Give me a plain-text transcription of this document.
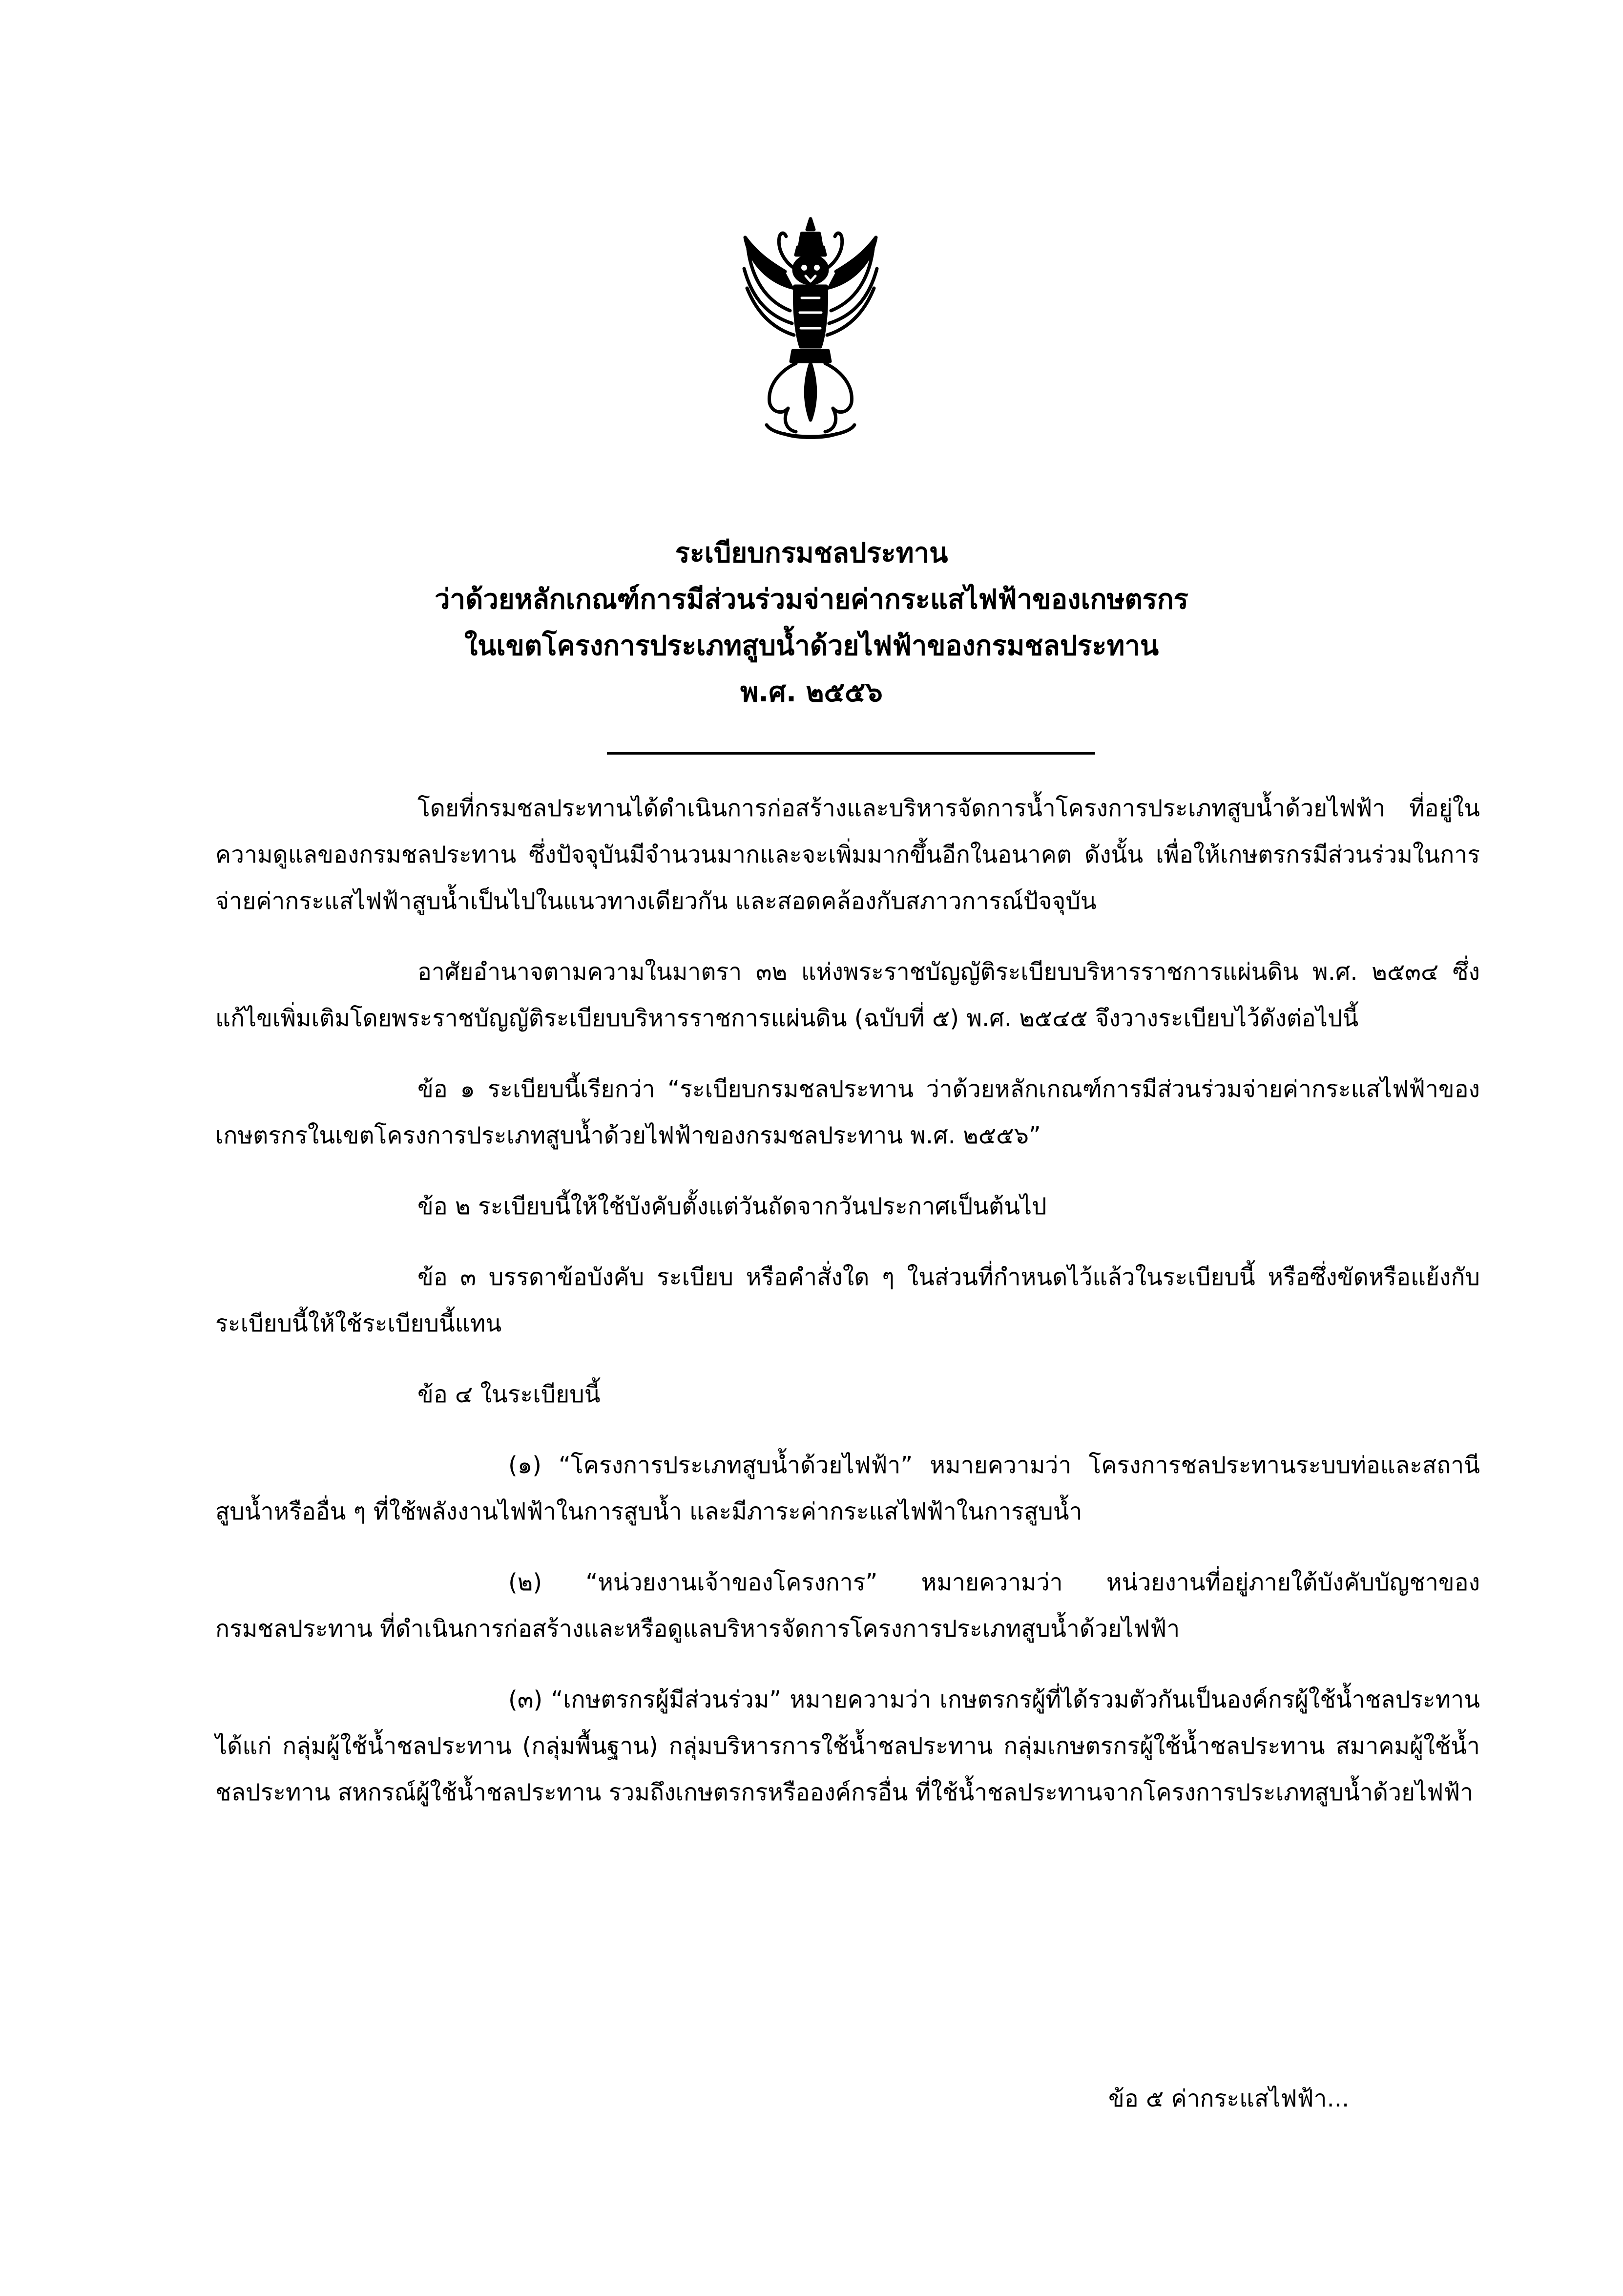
ระเบียบกรมชลประทาน
ว่าด้วยหลักเกณฑ์การมีส่วนร่วมจ่ายค่ากระแสไฟฟ้าของเกษตรกร
ในเขตโครงการประเภทสูบน้ำด้วยไฟฟ้าของกรมชลประทาน
พ.ศ. ๒๕๕๖

โดยที่กรมชลประทานได้ดำเนินการก่อสร้างและบริหารจัดการน้ำโครงการประเภทสูบน้ำด้วยไฟฟ้า ที่อยู่ในความดูแลของกรมชลประทาน ซึ่งปัจจุบันมีจำนวนมากและจะเพิ่มมากขึ้นอีกในอนาคต ดังนั้น เพื่อให้เกษตรกรมีส่วนร่วมในการจ่ายค่ากระแสไฟฟ้าสูบน้ำเป็นไปในแนวทางเดียวกัน และสอดคล้องกับสภาวการณ์ปัจจุบัน

อาศัยอำนาจตามความในมาตรา ๓๒ แห่งพระราชบัญญัติระเบียบบริหารราชการแผ่นดิน พ.ศ. ๒๕๓๔ ซึ่งแก้ไขเพิ่มเติมโดยพระราชบัญญัติระเบียบบริหารราชการแผ่นดิน (ฉบับที่ ๕) พ.ศ. ๒๕๔๕ จึงวางระเบียบไว้ดังต่อไปนี้

ข้อ ๑ ระเบียบนี้เรียกว่า “ระเบียบกรมชลประทาน ว่าด้วยหลักเกณฑ์การมีส่วนร่วมจ่ายค่ากระแสไฟฟ้าของเกษตรกรในเขตโครงการประเภทสูบน้ำด้วยไฟฟ้าของกรมชลประทาน พ.ศ. ๒๕๕๖”

ข้อ ๒ ระเบียบนี้ให้ใช้บังคับตั้งแต่วันถัดจากวันประกาศเป็นต้นไป

ข้อ ๓ บรรดาข้อบังคับ ระเบียบ หรือคำสั่งใด ๆ ในส่วนที่กำหนดไว้แล้วในระเบียบนี้ หรือซึ่งขัดหรือแย้งกับระเบียบนี้ให้ใช้ระเบียบนี้แทน

ข้อ ๔ ในระเบียบนี้

(๑) “โครงการประเภทสูบน้ำด้วยไฟฟ้า” หมายความว่า โครงการชลประทานระบบท่อและสถานีสูบน้ำหรืออื่น ๆ ที่ใช้พลังงานไฟฟ้าในการสูบน้ำ และมีภาระค่ากระแสไฟฟ้าในการสูบน้ำ

(๒) “หน่วยงานเจ้าของโครงการ” หมายความว่า หน่วยงานที่อยู่ภายใต้บังคับบัญชาของกรมชลประทาน ที่ดำเนินการก่อสร้างและหรือดูแลบริหารจัดการโครงการประเภทสูบน้ำด้วยไฟฟ้า

(๓) “เกษตรกรผู้มีส่วนร่วม” หมายความว่า เกษตรกรผู้ที่ได้รวมตัวกันเป็นองค์กรผู้ใช้น้ำชลประทาน ได้แก่ กลุ่มผู้ใช้น้ำชลประทาน (กลุ่มพื้นฐาน) กลุ่มบริหารการใช้น้ำชลประทาน กลุ่มเกษตรกรผู้ใช้น้ำชลประทาน สมาคมผู้ใช้น้ำชลประทาน สหกรณ์ผู้ใช้น้ำชลประทาน รวมถึงเกษตรกรหรือองค์กรอื่น ที่ใช้น้ำชลประทานจากโครงการประเภทสูบน้ำด้วยไฟฟ้า

ข้อ ๕ ค่ากระแสไฟฟ้า...
